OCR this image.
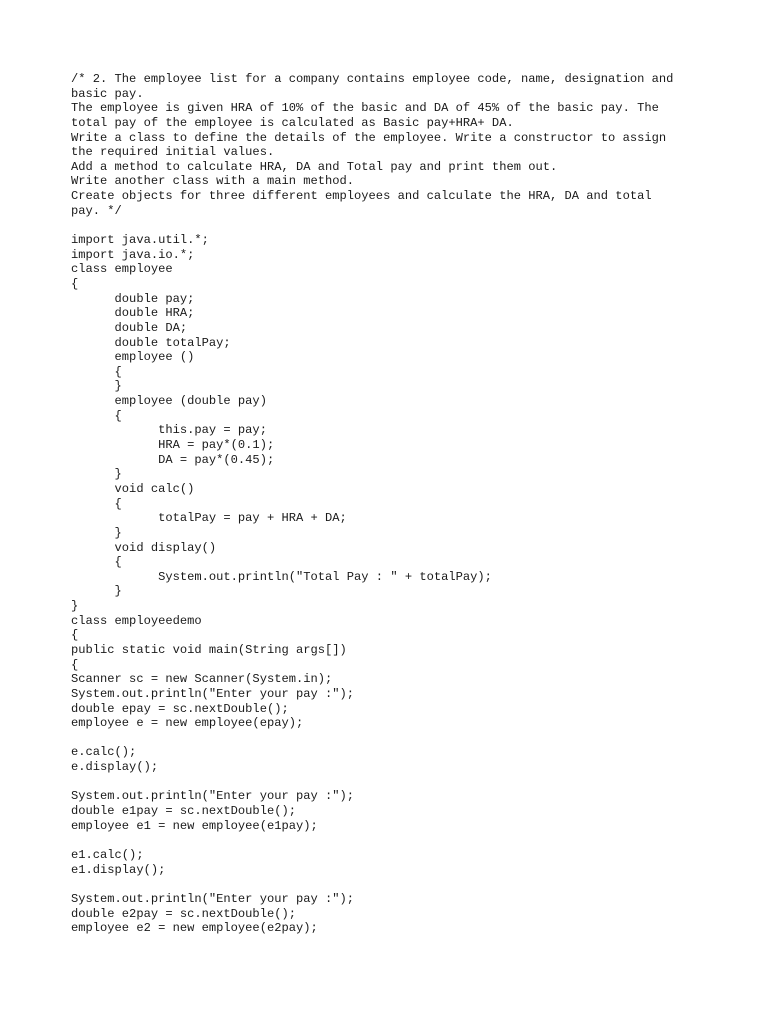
/* 2. The employee list for a company contains employee code, name, designation and
basic pay.
The employee is given HRA of 10% of the basic and DA of 45% of the basic pay. The
total pay of the employee is calculated as Basic pay+HRA+ DA.
Write a class to define the details of the employee. Write a constructor to assign
the required initial values.
Add a method to calculate HRA, DA and Total pay and print them out.
Write another class with a main method.
Create objects for three different employees and calculate the HRA, DA and total
pay. */
import java.util.*;
import java.io.*;
class employee
{
double pay;
double HRA;
double DA;
double totalPay;
employee ()
{
}
employee (double pay)
{
this.pay = pay;
HRA = pay*(0.1);
DA = pay*(0.45);
}
void calc()
{
totalPay = pay + HRA + DA;
}
void display()
{
System.out.println("Total Pay : " + totalPay);
}
}
class employeedemo
{
public static void main(String args[])
{
Scanner sc = new Scanner(System.in);
System.out.println("Enter your pay :");
double epay = sc.nextDouble();
employee e = new employee(epay);
e.calc();
e.display();
System.out.println("Enter your pay :");
double e1pay = sc.nextDouble();
employee e1 = new employee(e1pay);
e1.calc();
e1.display();
System.out.println("Enter your pay :");
double e2pay = sc.nextDouble();
employee e2 = new employee(e2pay);
